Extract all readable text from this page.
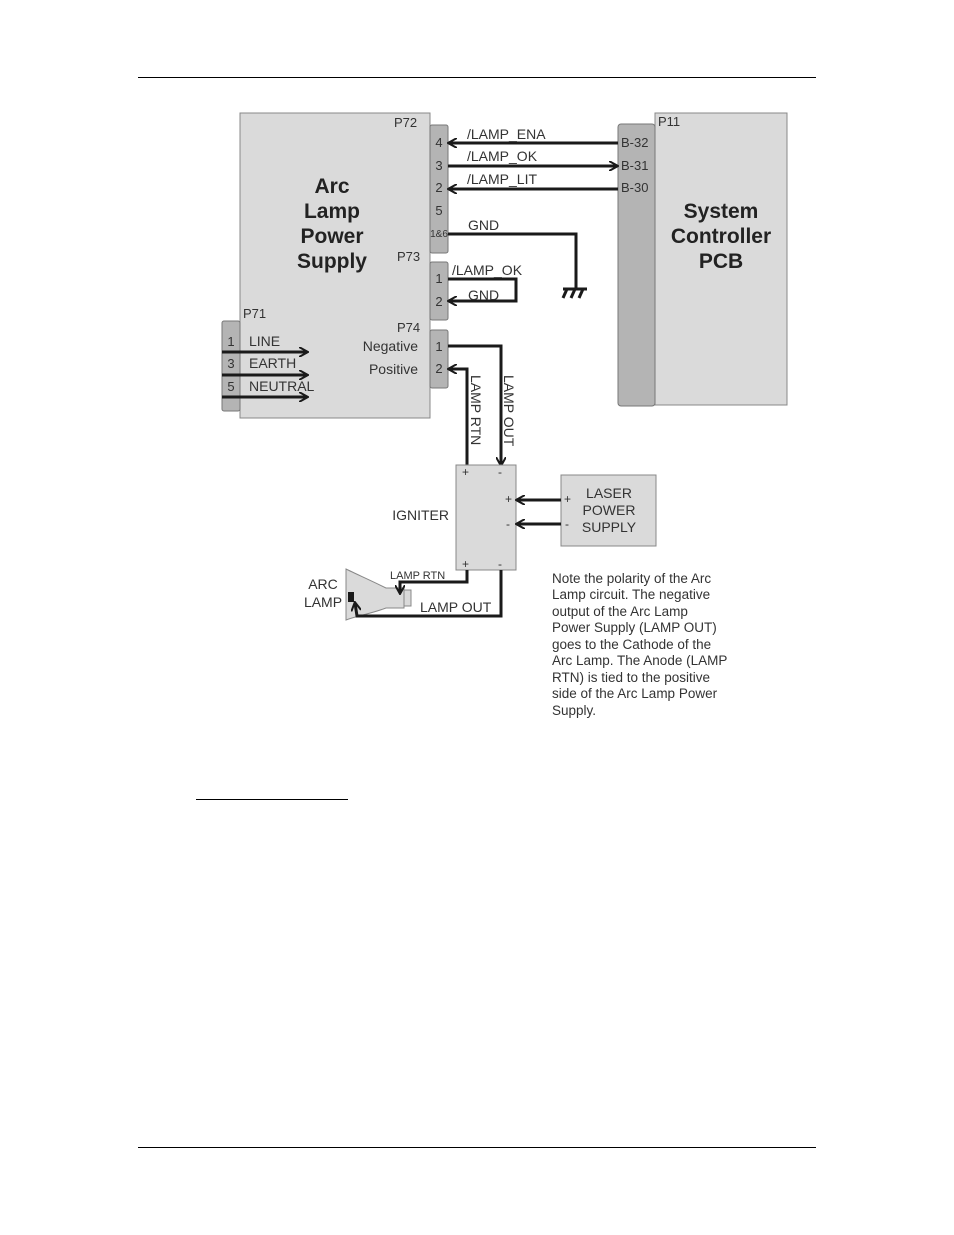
Arc
Lamp
Power
Supply
P72
4
3
2
5
1&6
P73
1
2
P74
1
2
Negative
Positive
P71
1
3
5
LINE
EARTH
NEUTRAL
P11
B-32
B-31
B-30
System
Controller
PCB
/LAMP_ENA
/LAMP_OK
/LAMP_LIT
GND
/LAMP_OK
GND
LAMP RTN LAMP OUT
IGNITER
+ -
+
-
+ -
LASER
POWER
SUPPLY
+
-
ARC
LAMP
LAMP RTN
LAMP OUT
Note the polarity of the Arc
Lamp circuit. The negative
output of the Arc Lamp
Power Supply (LAMP OUT)
goes to the Cathode of the
Arc Lamp. The Anode (LAMP
RTN) is tied to the positive
side of the Arc Lamp Power
Supply.
